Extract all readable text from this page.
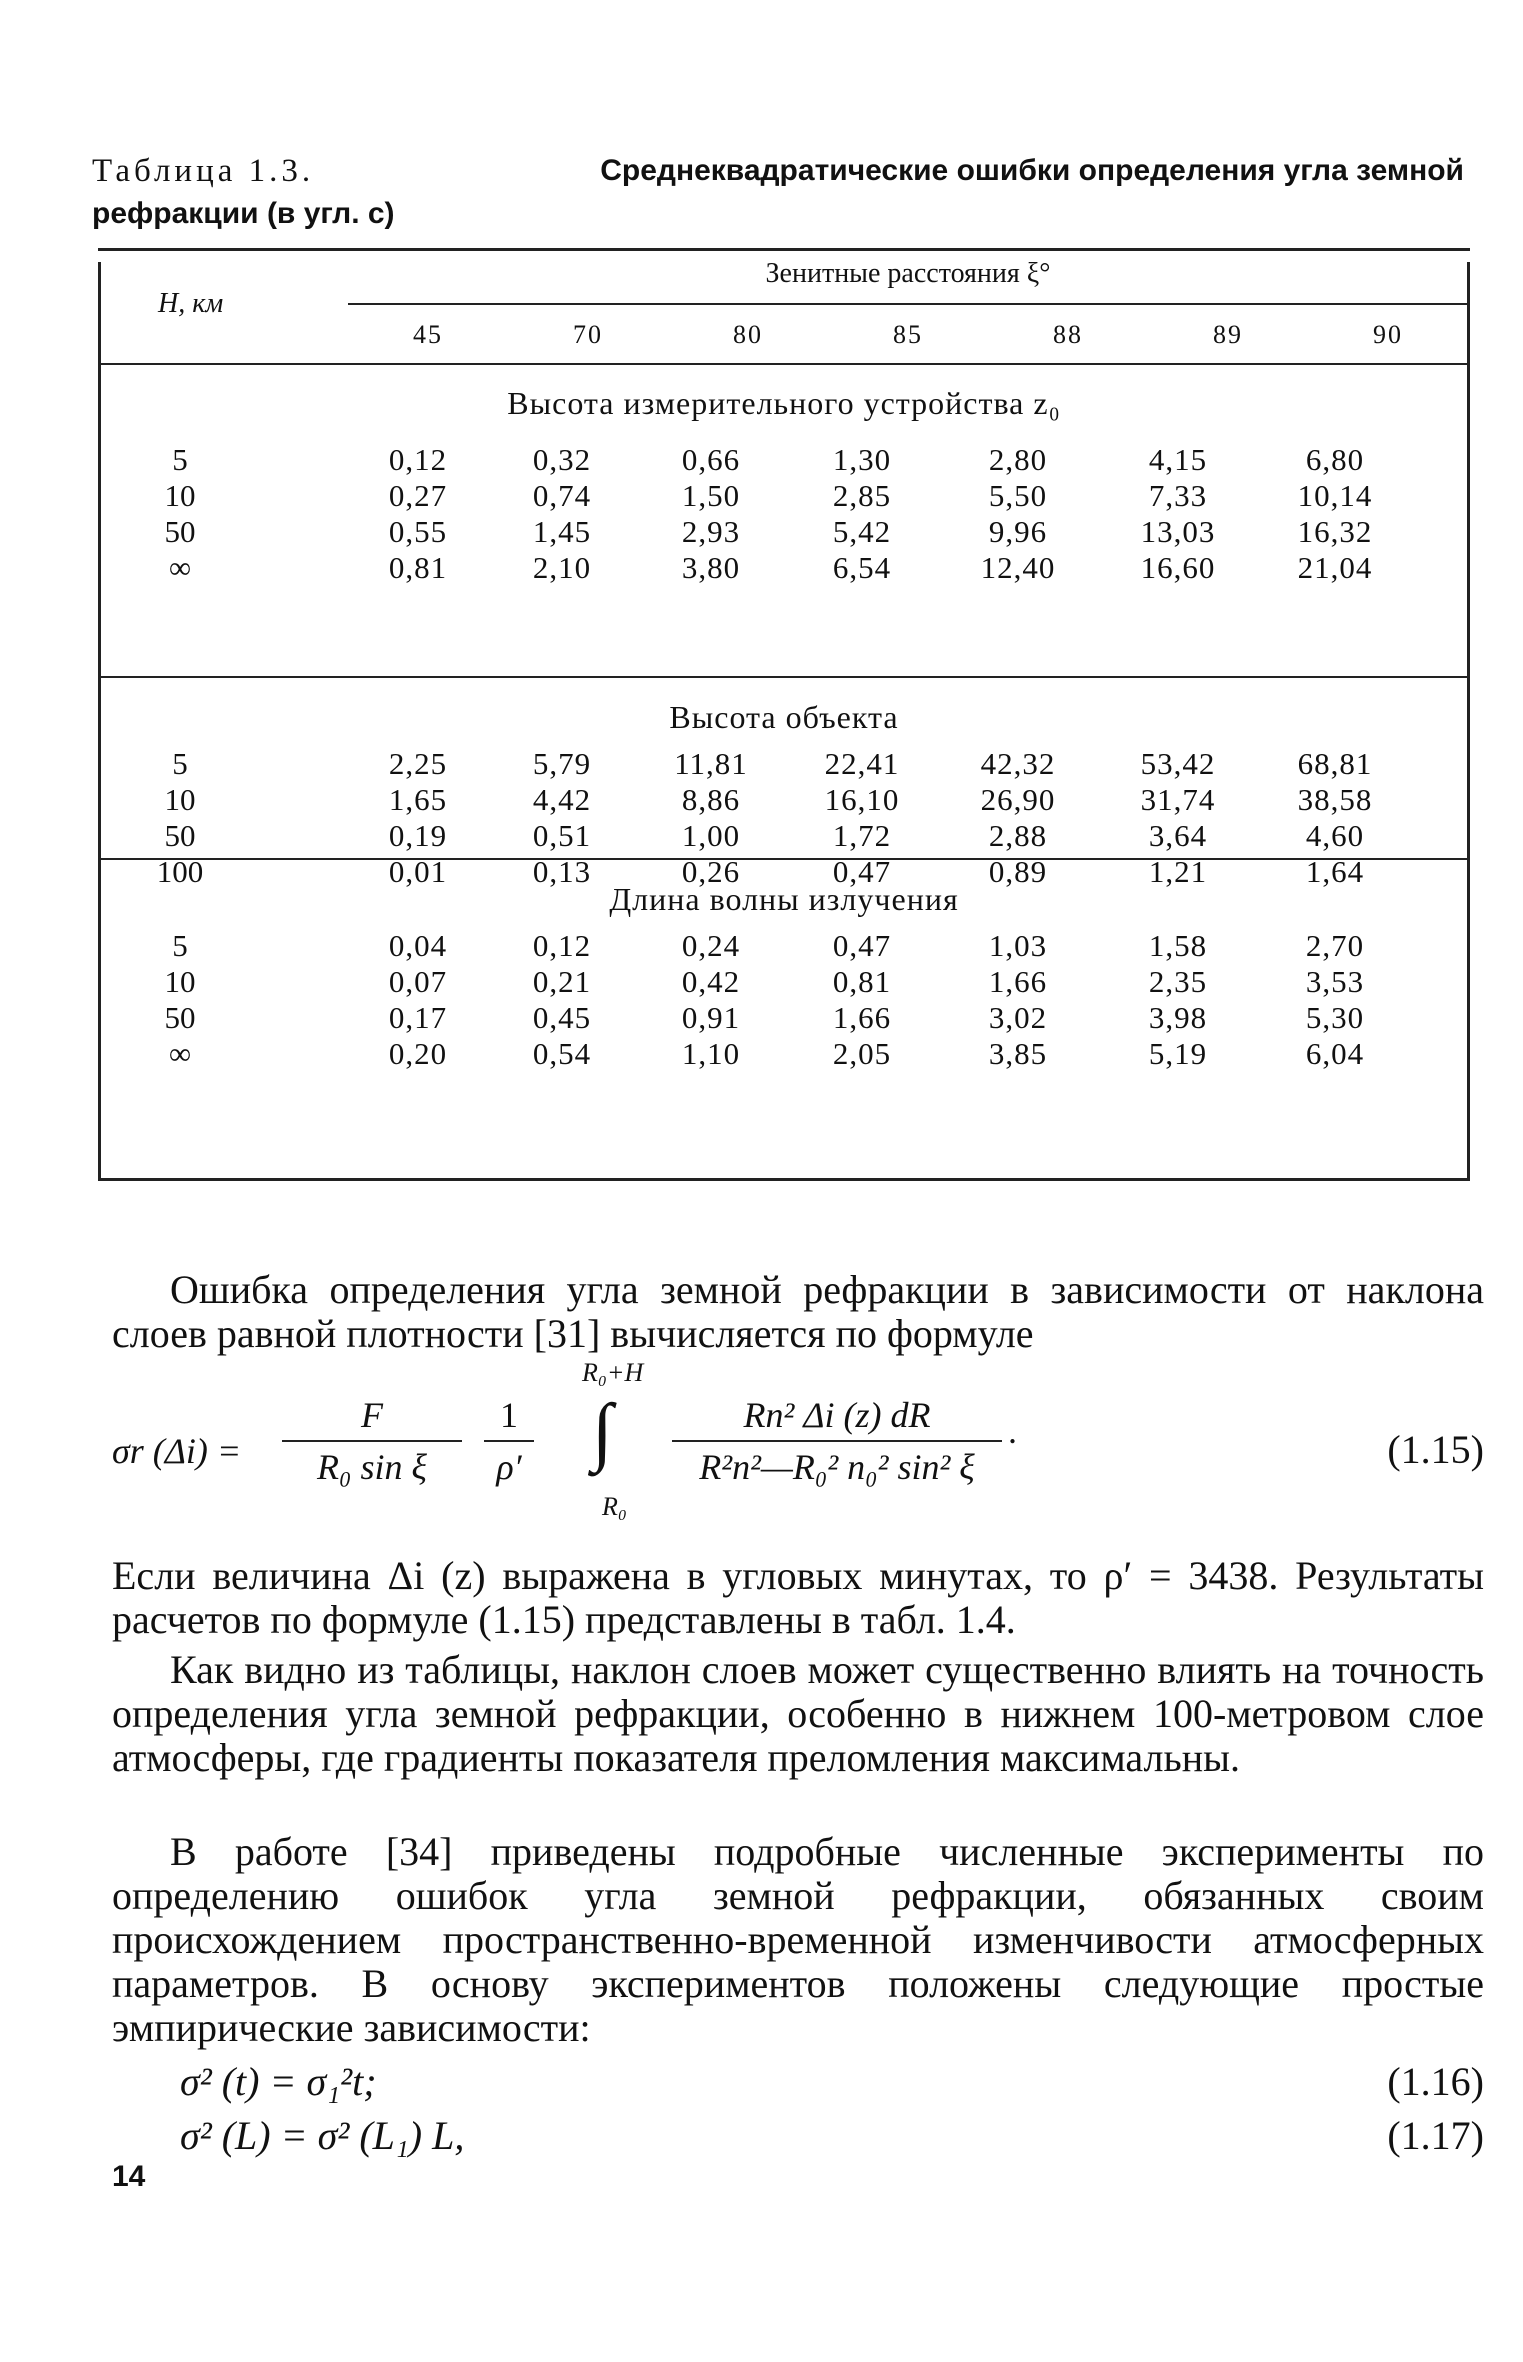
Таблица 1.3.	Среднеквадратические ошибки определения угла земной
рефракции (в угл. с)
H, км
Зенитные расстояния ξ°
45	70	80	85	88	89	90
Высота измерительного устройства z₀
5	0,12	0,32	0,66	1,30	2,80	4,15	6,80
10	0,27	0,74	1,50	2,85	5,50	7,33	10,14
50	0,55	1,45	2,93	5,42	9,96	13,03	16,32
∞	0,81	2,10	3,80	6,54	12,40	16,60	21,04
Высота объекта
5	2,25	5,79	11,81	22,41	42,32	53,42	68,81
10	1,65	4,42	8,86	16,10	26,90	31,74	38,58
50	0,19	0,51	1,00	1,72	2,88	3,64	4,60
100	0,01	0,13	0,26	0,47	0,89	1,21	1,64
Длина волны излучения
5	0,04	0,12	0,24	0,47	1,03	1,58	2,70
10	0,07	0,21	0,42	0,81	1,66	2,35	3,53
50	0,17	0,45	0,91	1,66	3,02	3,98	5,30
∞	0,20	0,54	1,10	2,05	3,85	5,19	6,04
Ошибка определения угла земной рефракции в зависимости от наклона слоев равной плотности [31] вычисляется по формуле
σr (Δi) =
F
R₀ sin ξ
1
ρ′
R₀+H
∫
R₀
Rn² Δi (z) dR
R²n²—R₀² n₀² sin² ξ
.	(1.15)
Если величина Δi (z) выражена в угловых минутах, то ρ′ = 3438. Результаты расчетов по формуле (1.15) представлены в табл. 1.4.
Как видно из таблицы, наклон слоев может существенно влиять на точность определения угла земной рефракции, особенно в нижнем 100-метровом слое атмосферы, где градиенты показателя преломления максимальны.
В работе [34] приведены подробные численные эксперименты по определению ошибок угла земной рефракции, обязанных своим происхождением пространственно-временной изменчивости атмосферных параметров. В основу экспериментов положены следующие простые эмпирические зависимости:
σ² (t) = σ₁²t;	(1.16)
σ² (L) = σ² (L₁) L,	(1.17)
14
